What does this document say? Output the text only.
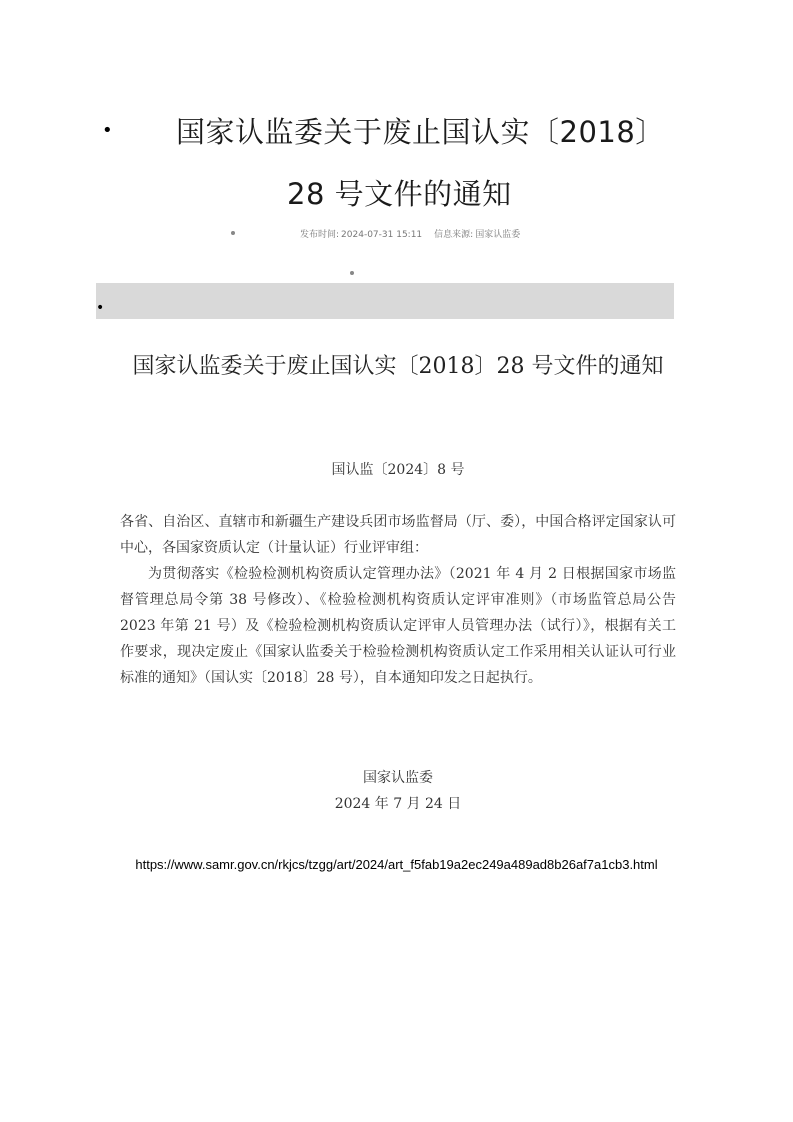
• 国家认监委关于废止国认实〔2018〕
28 号文件的通知
发布时间: 2024-07-31 15:11 信息来源: 国家认监委
•
国家认监委关于废止国认实〔2018〕28 号文件的通知
国认监〔2024〕8 号

各省、自治区、直辖市和新疆生产建设兵团市场监督局（厅、委），中国合格评定国家认可中心，各国家资质认定（计量认证）行业评审组：

为贯彻落实《检验检测机构资质认定管理办法》（2021 年 4 月 2 日根据国家市场监督管理总局令第 38 号修改）、《检验检测机构资质认定评审准则》（市场监管总局公告 2023 年第 21 号）及《检验检测机构资质认定评审人员管理办法（试行）》，根据有关工作要求，现决定废止《国家认监委关于检验检测机构资质认定工作采用相关认证认可行业标准的通知》（国认实〔2018〕28 号），自本通知印发之日起执行。

国家认监委
2024 年 7 月 24 日
https://www.samr.gov.cn/rkjcs/tzgg/art/2024/art_f5fab19a2ec249a489ad8b26af7a1cb3.html
